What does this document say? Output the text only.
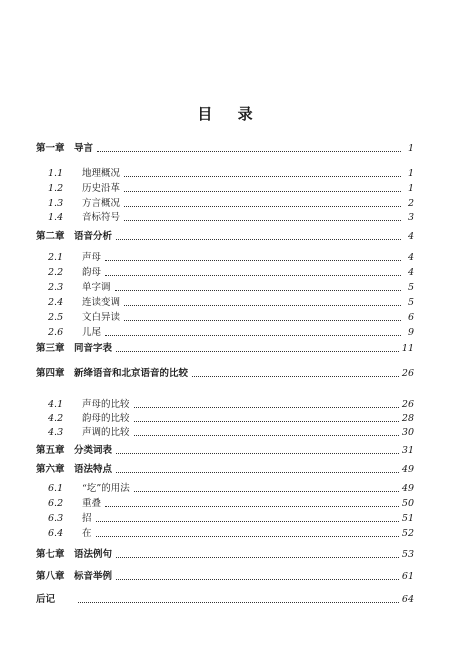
目 录
第一章 导言	1
1.1	地理概况	1
1.2	历史沿革	1
1.3	方言概况	2
1.4	音标符号	3
第二章 语音分析	4
2.1	声母	4
2.2	韵母	4
2.3	单字调	5
2.4	连读变调	5
2.5	文白异读	6
2.6	儿尾	9
第三章 同音字表	11
第四章 新绛语音和北京语音的比较	26
4.1	声母的比较	26
4.2	韵母的比较	28
4.3	声调的比较	30
第五章 分类词表	31
第六章 语法特点	49
6.1	“圪”的用法	49
6.2	重叠	50
6.3	招	51
6.4	在	52
第七章 语法例句	53
第八章 标音举例	61
后记	64
